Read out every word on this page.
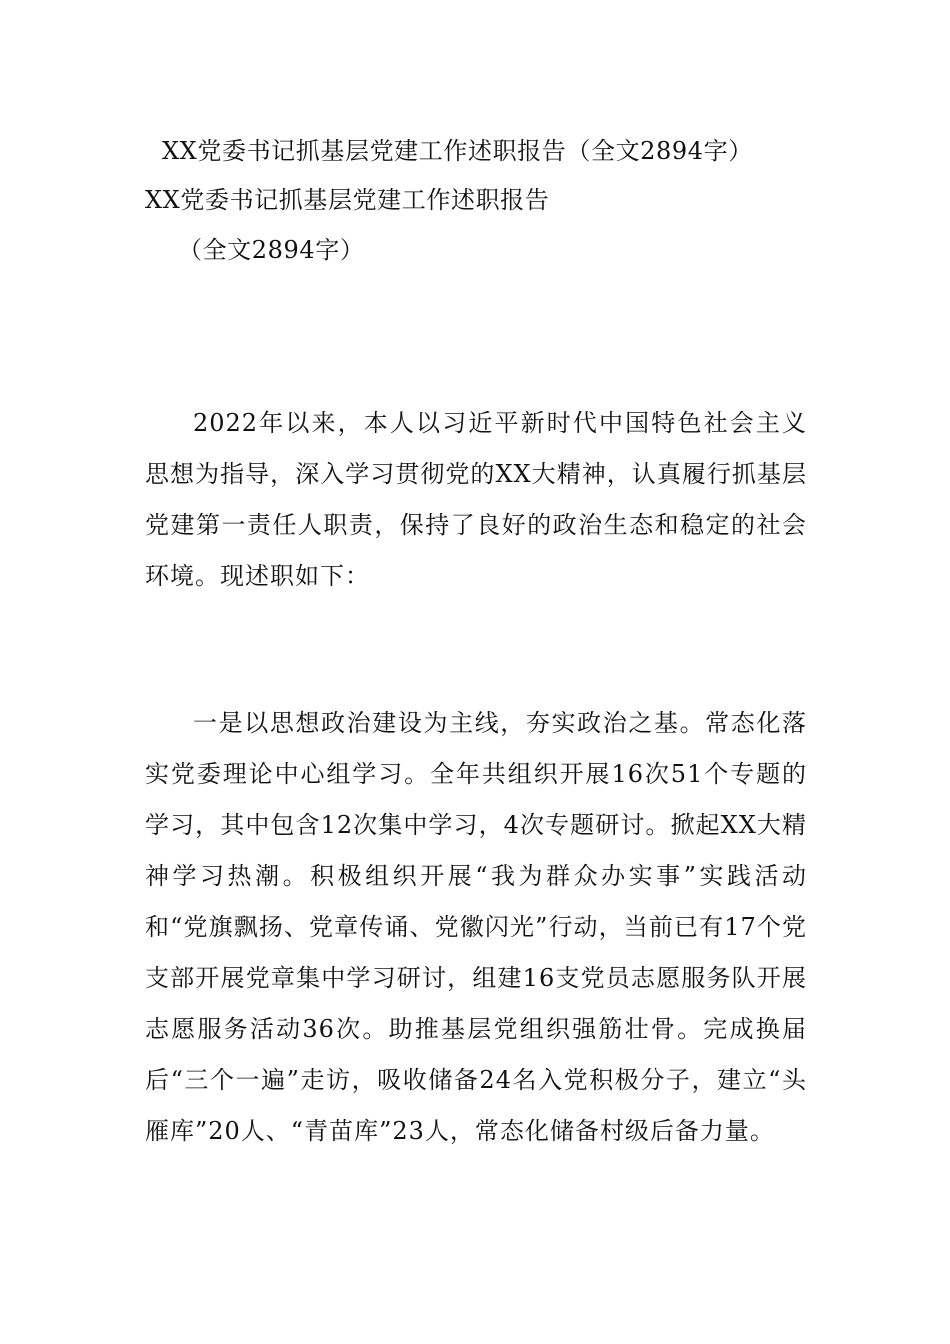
XX党委书记抓基层党建工作述职报告（全文2894字）
XX党委书记抓基层党建工作述职报告
（全文2894字）

2022年以来，本人以习近平新时代中国特色社会主义思想为指导，深入学习贯彻党的XX大精神，认真履行抓基层党建第一责任人职责，保持了良好的政治生态和稳定的社会环境。现述职如下：

一是以思想政治建设为主线，夯实政治之基。常态化落实党委理论中心组学习。全年共组织开展16次51个专题的学习，其中包含12次集中学习，4次专题研讨。掀起XX大精神学习热潮。积极组织开展“我为群众办实事”实践活动和“党旗飘扬、党章传诵、党徽闪光”行动，当前已有17个党支部开展党章集中学习研讨，组建16支党员志愿服务队开展志愿服务活动36次。助推基层党组织强筋壮骨。完成换届后“三个一遍”走访，吸收储备24名入党积极分子，建立“头雁库”20人、“青苗库”23人，常态化储备村级后备力量。
